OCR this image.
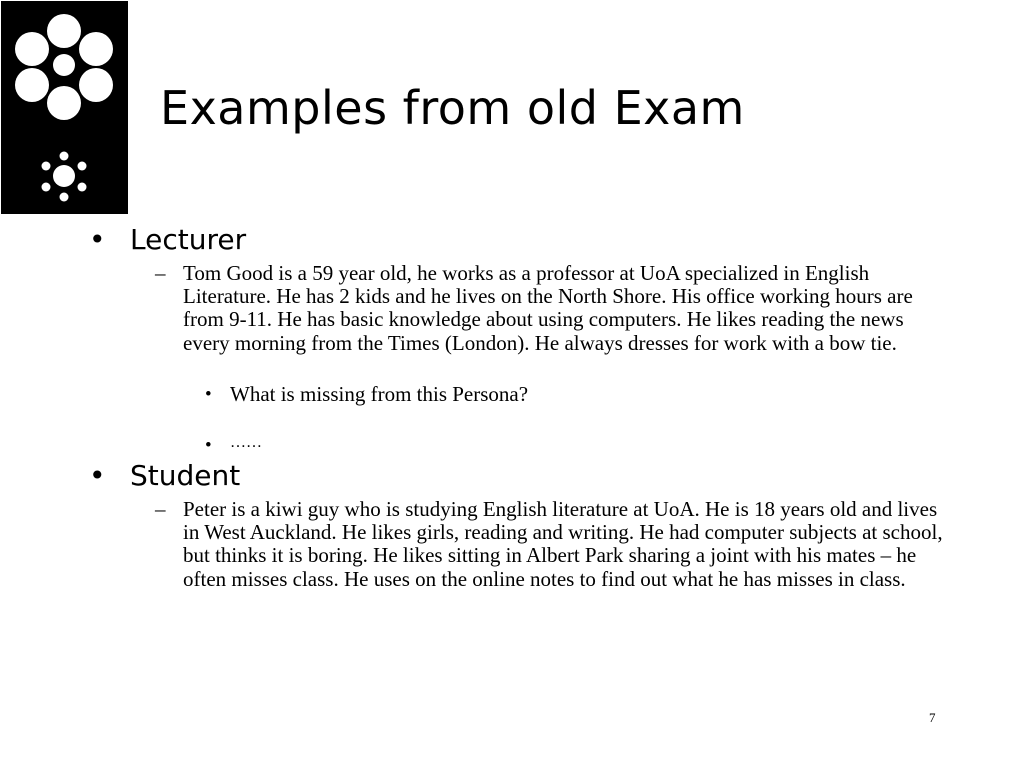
Examples from old Exam
• Lecturer
– Tom Good is a 59 year old, he works as a professor at UoA specialized in English Literature. He has 2 kids and he lives on the North Shore. His office working hours are from 9-11. He has basic knowledge about using computers. He likes reading the news every morning from the Times (London). He always dresses for work with a bow tie.
• What is missing from this Persona?
• ……
• Student
– Peter is a kiwi guy who is studying English literature at UoA. He is 18 years old and lives in West Auckland. He likes girls, reading and writing. He had computer subjects at school, but thinks it is boring. He likes sitting in Albert Park sharing a joint with his mates – he often misses class. He uses on the online notes to find out what he has misses in class.
7
